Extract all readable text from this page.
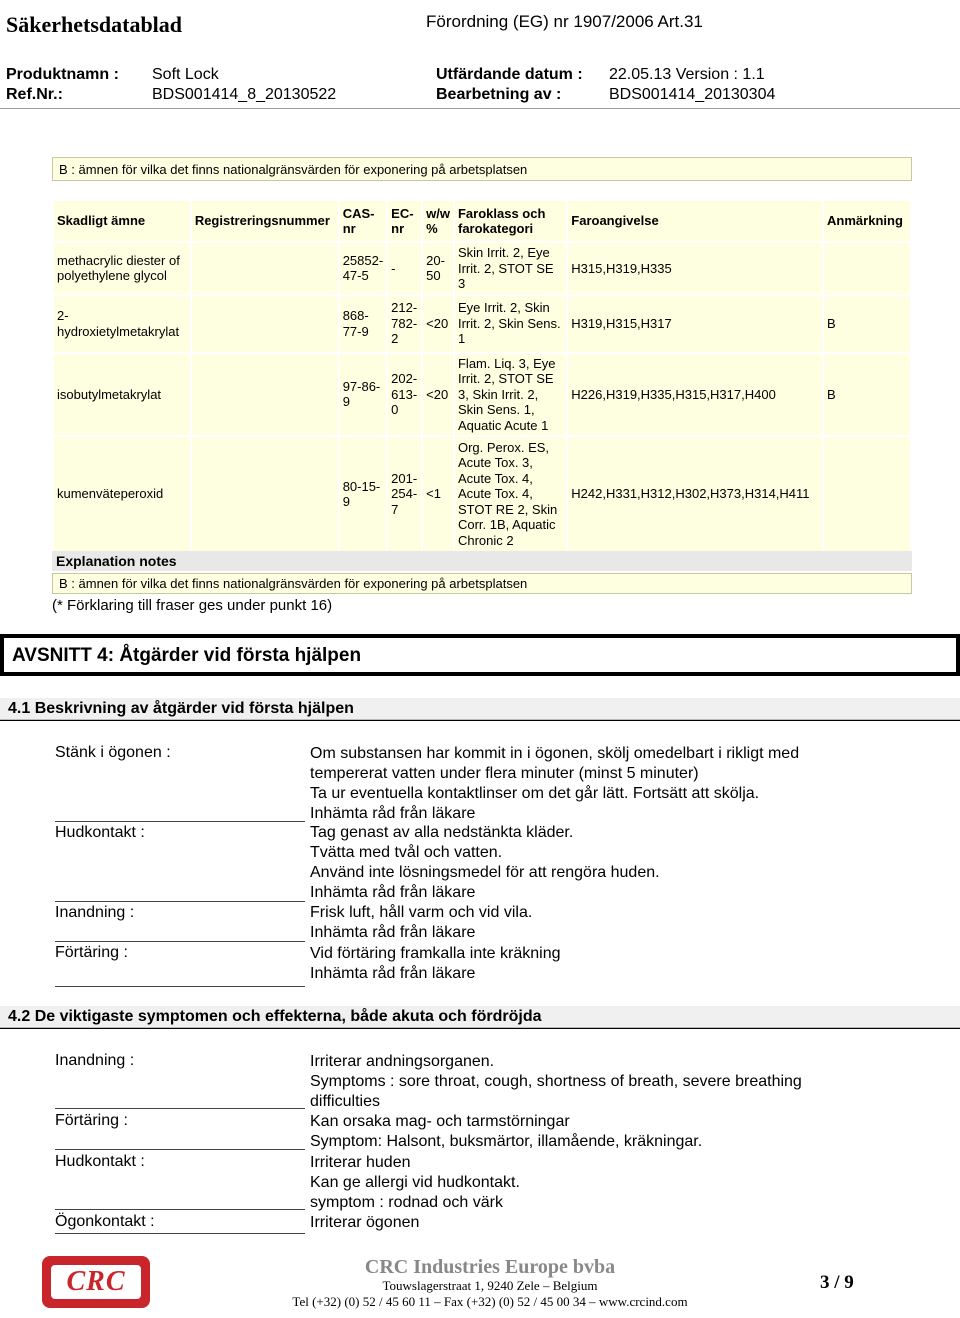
Säkerhetsdatablad	Förordning (EG) nr 1907/2006 Art.31
Produktnamn : Soft Lock	Utfärdande datum : 22.05.13 Version : 1.1
Ref.Nr.:	BDS001414_8_20130522	Bearbetning av :	BDS001414_20130304
B : ämnen för vilka det finns nationalgränsvärden för exponering på arbetsplatsen
Skadligt ämne	Registreringsnummer	CAS-nr	EC-nr	w/w %	Faroklass och farokategori	Faroangivelse	Anmärkning
methacrylic diester of polyethylene glycol		25852-47-5	-	20-50	Skin Irrit. 2, Eye Irrit. 2, STOT SE 3	H315,H319,H335	
2-hydroxietylmetakrylat		868-77-9	212-782-2	<20	Eye Irrit. 2, Skin Irrit. 2, Skin Sens. 1	H319,H315,H317	B
isobutylmetakrylat		97-86-9	202-613-0	<20	Flam. Liq. 3, Eye Irrit. 2, STOT SE 3, Skin Irrit. 2, Skin Sens. 1, Aquatic Acute 1	H226,H319,H335,H315,H317,H400	B
kumenväteperoxid		80-15-9	201-254-7	<1	Org. Perox. ES, Acute Tox. 3, Acute Tox. 4, Acute Tox. 4, STOT RE 2, Skin Corr. 1B, Aquatic Chronic 2	H242,H331,H312,H302,H373,H314,H411	
Explanation notes
B : ämnen för vilka det finns nationalgränsvärden för exponering på arbetsplatsen
(* Förklaring till fraser ges under punkt 16)
AVSNITT 4: Åtgärder vid första hjälpen
4.1 Beskrivning av åtgärder vid första hjälpen
Stänk i ögonen :	Om substansen har kommit in i ögonen, skölj omedelbart i rikligt med
tempererat vatten under flera minuter (minst 5 minuter)
Ta ur eventuella kontaktlinser om det går lätt. Fortsätt att skölja.
Inhämta råd från läkare
Hudkontakt :	Tag genast av alla nedstänkta kläder.
Tvätta med tvål och vatten.
Använd inte lösningsmedel för att rengöra huden.
Inhämta råd från läkare
Inandning :	Frisk luft, håll varm och vid vila.
Inhämta råd från läkare
Förtäring :	Vid förtäring framkalla inte kräkning
Inhämta råd från läkare
4.2 De viktigaste symptomen och effekterna, både akuta och fördröjda
Inandning :	Irriterar andningsorganen.
Symptoms : sore throat, cough, shortness of breath, severe breathing
difficulties
Förtäring :	Kan orsaka mag- och tarmstörningar
Symptom: Halsont, buksmärtor, illamående, kräkningar.
Hudkontakt :	Irriterar huden
Kan ge allergi vid hudkontakt.
symptom : rodnad och värk
Ögonkontakt :	Irriterar ögonen
CRC	CRC Industries Europe bvba
Touwslagerstraat 1, 9240 Zele – Belgium
Tel (+32) (0) 52 / 45 60 11 – Fax (+32) (0) 52 / 45 00 34 – www.crcind.com
3 / 9
